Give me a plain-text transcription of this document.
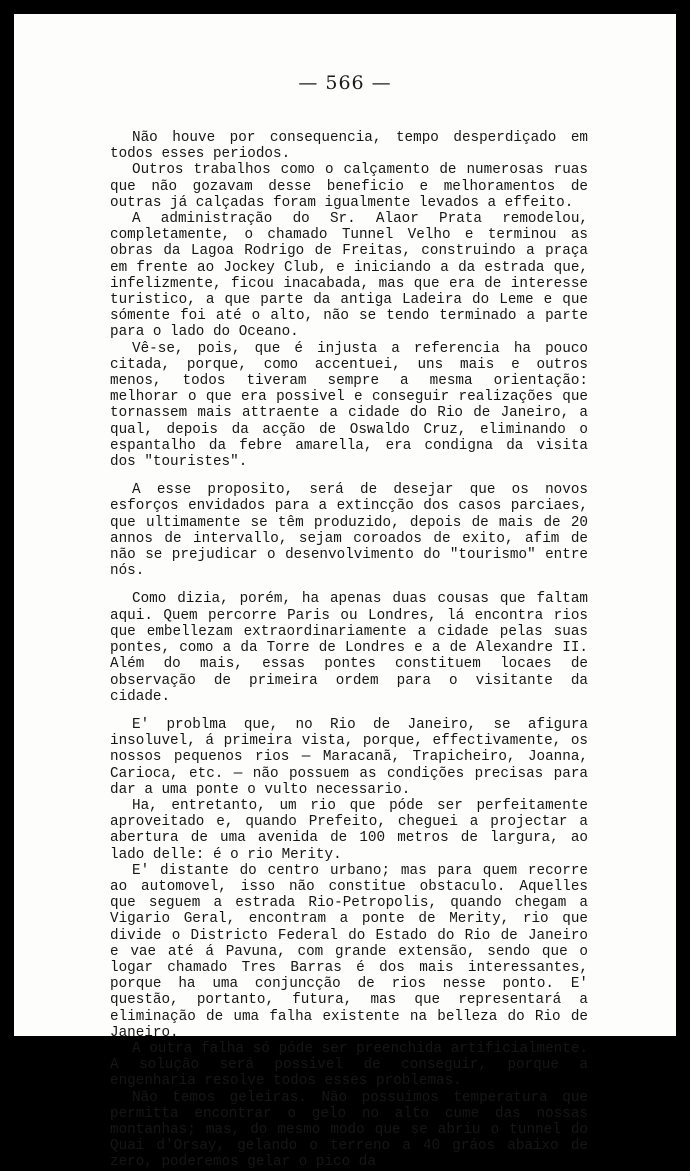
— 566 —

Não houve por consequencia, tempo desperdiçado em todos esses periodos.

Outros trabalhos como o calçamento de numerosas ruas que não gozavam desse beneficio e melhoramentos de outras já calçadas foram igualmente levados a effeito.

A administração do Sr. Alaor Prata remodelou, completamente, o chamado Tunnel Velho e terminou as obras da Lagoa Rodrigo de Freitas, construindo a praça em frente ao Jockey Club, e iniciando a da estrada que, infelizmente, ficou inacabada, mas que era de interesse turistico, a que parte da antiga Ladeira do Leme e que sómente foi até o alto, não se tendo terminado a parte para o lado do Oceano.

Vê-se, pois, que é injusta a referencia ha pouco citada, porque, como accentuei, uns mais e outros menos, todos tiveram sempre a mesma orientação: melhorar o que era possivel e conseguir realizações que tornassem mais attraente a cidade do Rio de Janeiro, a qual, depois da acção de Oswaldo Cruz, eliminando o espantalho da febre amarella, era condigna da visita dos "touristes".

A esse proposito, será de desejar que os novos esforços envidados para a extincção dos casos parciaes, que ultimamente se têm produzido, depois de mais de 20 annos de intervallo, sejam coroados de exito, afim de não se prejudicar o desenvolvimento do "tourismo" entre nós.

Como dizia, porém, ha apenas duas cousas que faltam aqui. Quem percorre Paris ou Londres, lá encontra rios que embellezam extraordinariamente a cidade pelas suas pontes, como a da Torre de Londres e a de Alexandre II. Além do mais, essas pontes constituem locaes de observação de primeira ordem para o visitante da cidade.

E' problma que, no Rio de Janeiro, se afigura insoluvel, á primeira vista, porque, effectivamente, os nossos pequenos rios — Maracanã, Trapicheiro, Joanna, Carioca, etc. — não possuem as condições precisas para dar a uma ponte o vulto necessario.

Ha, entretanto, um rio que póde ser perfeitamente aproveitado e, quando Prefeito, cheguei a projectar a abertura de uma avenida de 100 metros de largura, ao lado delle: é o rio Merity.

E' distante do centro urbano; mas para quem recorre ao automovel, isso não constitue obstaculo. Aquelles que seguem a estrada Rio-Petropolis, quando chegam a Vigario Geral, encontram a ponte de Merity, rio que divide o Districto Federal do Estado do Rio de Janeiro e vae até á Pavuna, com grande extensão, sendo que o logar chamado Tres Barras é dos mais interessantes, porque ha uma conjuncção de rios nesse ponto. E' questão, portanto, futura, mas que representará a eliminação de uma falha existente na belleza do Rio de Janeiro.

A outra falha só póde ser preenchida artificialmente. A solução será possivel de conseguir, porque a engenharia resolve todos esses problemas.

Não temos geleiras. Não possuimos temperatura que permitta encontrar o gelo no alto cume das nossas montanhas; mas, do mesmo modo que se abriu o tunnel do Quai d'Orsay, gelando o terreno a 40 gráos abaixo de zero, poderemos gelar o pico da
